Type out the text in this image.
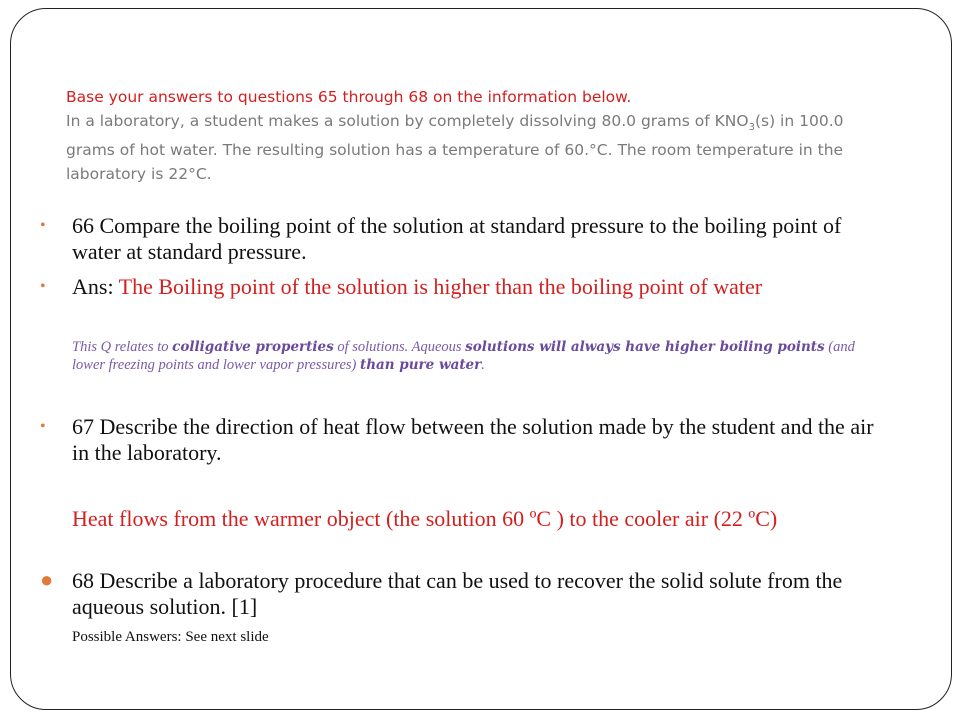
Base your answers to questions 65 through 68 on the information below.
In a laboratory, a student makes a solution by completely dissolving 80.0 grams of $KNO_3(s)$ in 100.0 grams of hot water. The resulting solution has a temperature of 60.°C. The room temperature in the laboratory is 22°C.
• 66 Compare the boiling point of the solution at standard pressure to the boiling point of water at standard pressure.
• Ans: The Boiling point of the solution is higher than the boiling point of water
This Q relates to colligative properties of solutions. Aqueous solutions will always have higher boiling points (and lower freezing points and lower vapor pressures) than pure water.
• 67 Describe the direction of heat flow between the solution made by the student and the air in the laboratory.
Heat flows from the warmer object (the solution 60 ºC ) to the cooler air (22 ºC)
● 68 Describe a laboratory procedure that can be used to recover the solid solute from the aqueous solution. [1]
Possible Answers: See next slide
